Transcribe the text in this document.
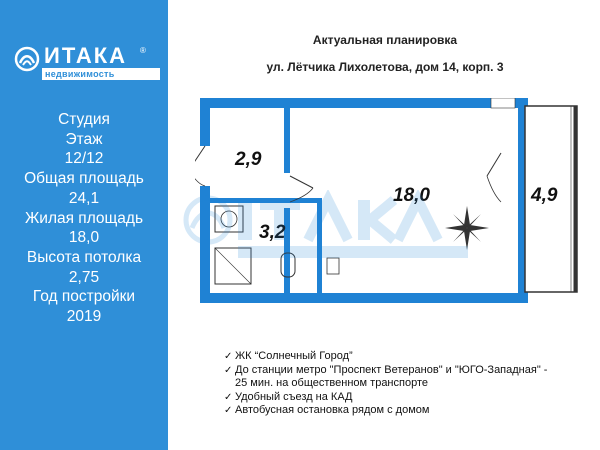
ИТАКА ®
недвижимость
Студия
Этаж
12/12
Общая площадь
24,1
Жилая площадь
18,0
Высота потолка
2,75
Год постройки
2019
Актуальная планировка
ул. Лётчика Лихолетова, дом 14, корп. 3
2,9
3,2
18,0	4,9
✓ ЖК “Солнечный Город”
✓ До станции метро "Проспект Ветеранов" и "ЮГО-Западная" -
25 мин. на общественном транспорте
✓ Удобный съезд на КАД
✓ Автобусная остановка рядом с домом
